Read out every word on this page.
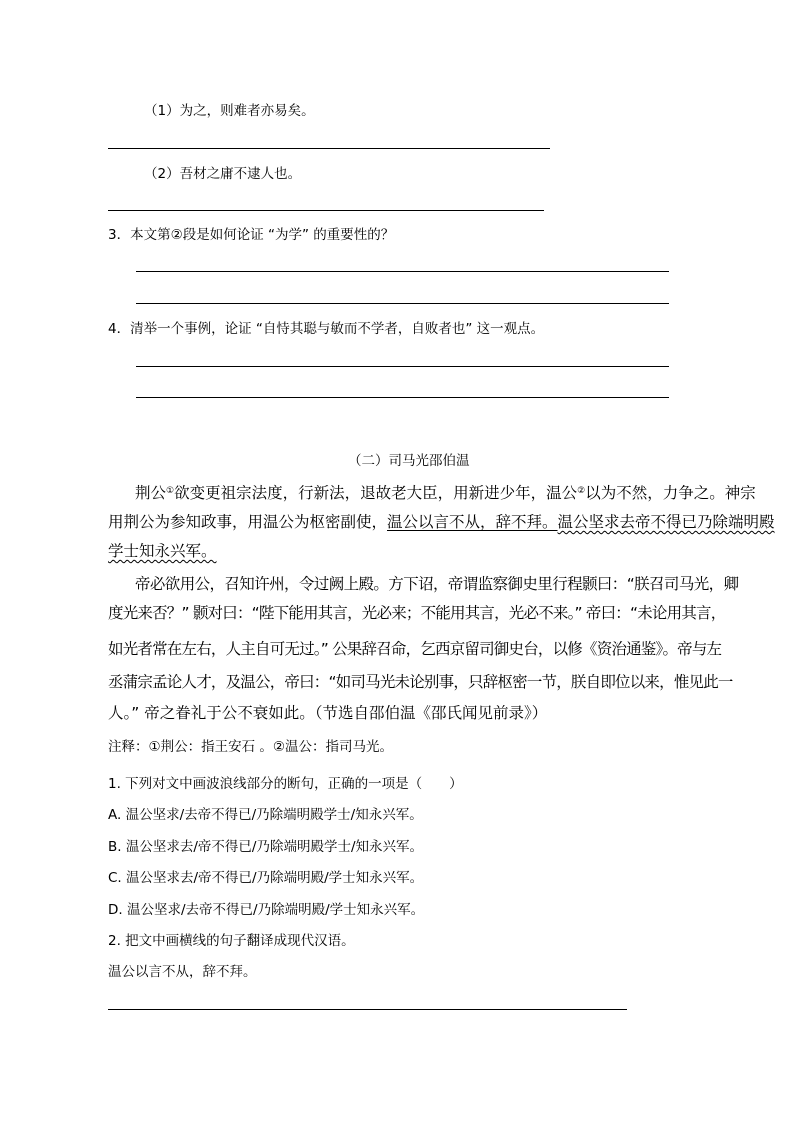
（1）为之，则难者亦易矣。
（2）吾材之庸不逮人也。
3．本文第②段是如何论证 “为学” 的重要性的？
4．清举一个事例，论证 “自恃其聪与敏而不学者，自败者也” 这一观点。
（二）司马光邵伯温
荆公①欲变更祖宗法度，行新法，退故老大臣，用新进少年，温公②以为不然，力争之。神宗
用荆公为参知政事，用温公为枢密副使，温公以言不从，辞不拜。温公坚求去帝不得已乃除端明殿
学士知永兴军。
帝必欲用公，召知许州，令过阙上殿。方下诏，帝谓监察御史里行程颢曰：“朕召司马光，卿
度光来否？” 颢对曰：“陛下能用其言，光必来；不能用其言，光必不来。” 帝曰：“未论用其言，
如光者常在左右，人主自可无过。” 公果辞召命，乞西京留司御史台，以修《资治通鉴》。帝与左
丞蒲宗孟论人才，及温公，帝曰：“如司马光未论别事，只辞枢密一节，朕自即位以来，惟见此一
人。” 帝之眷礼于公不衰如此。（节选自邵伯温《邵氏闻见前录》）
注释：①荆公：指王安石 。②温公：指司马光。
1. 下列对文中画波浪线部分的断句，正确的一项是（　　）
A. 温公坚求/去帝不得已/乃除端明殿学士/知永兴军。
B. 温公坚求去/帝不得已/乃除端明殿学士/知永兴军。
C. 温公坚求去/帝不得已/乃除端明殿/学士知永兴军。
D. 温公坚求/去帝不得已/乃除端明殿/学士知永兴军。
2. 把文中画横线的句子翻译成现代汉语。
温公以言不从，辞不拜。
